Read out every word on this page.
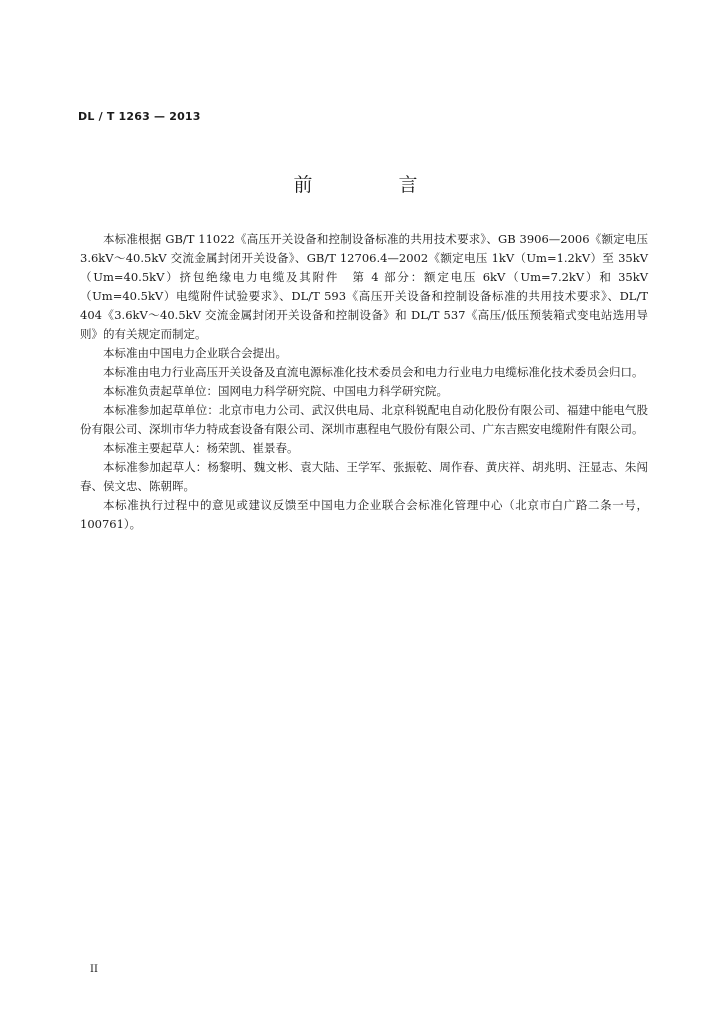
DL / T 1263 — 2013
前 言

本标准根据 GB/T 11022《高压开关设备和控制设备标准的共用技术要求》、GB 3906—2006《额定电压 3.6kV～40.5kV 交流金属封闭开关设备》、GB/T 12706.4—2002《额定电压 1kV（Um=1.2kV）至 35kV（Um=40.5kV）挤包绝缘电力电缆及其附件　第 4 部分：额定电压 6kV（Um=7.2kV）和 35kV（Um=40.5kV）电缆附件试验要求》、DL/T 593《高压开关设备和控制设备标准的共用技术要求》、DL/T 404《3.6kV～40.5kV 交流金属封闭开关设备和控制设备》和 DL/T 537《高压/低压预装箱式变电站选用导则》的有关规定而制定。

本标准由中国电力企业联合会提出。

本标准由电力行业高压开关设备及直流电源标准化技术委员会和电力行业电力电缆标准化技术委员会归口。

本标准负责起草单位：国网电力科学研究院、中国电力科学研究院。

本标准参加起草单位：北京市电力公司、武汉供电局、北京科锐配电自动化股份有限公司、福建中能电气股份有限公司、深圳市华力特成套设备有限公司、深圳市惠程电气股份有限公司、广东吉熙安电缆附件有限公司。

本标准主要起草人：杨荣凯、崔景春。

本标准参加起草人：杨黎明、魏文彬、袁大陆、王学军、张振乾、周作春、黄庆祥、胡兆明、汪显志、朱闯春、侯文忠、陈朝晖。

本标准执行过程中的意见或建议反馈至中国电力企业联合会标准化管理中心（北京市白广路二条一号，100761）。

II
